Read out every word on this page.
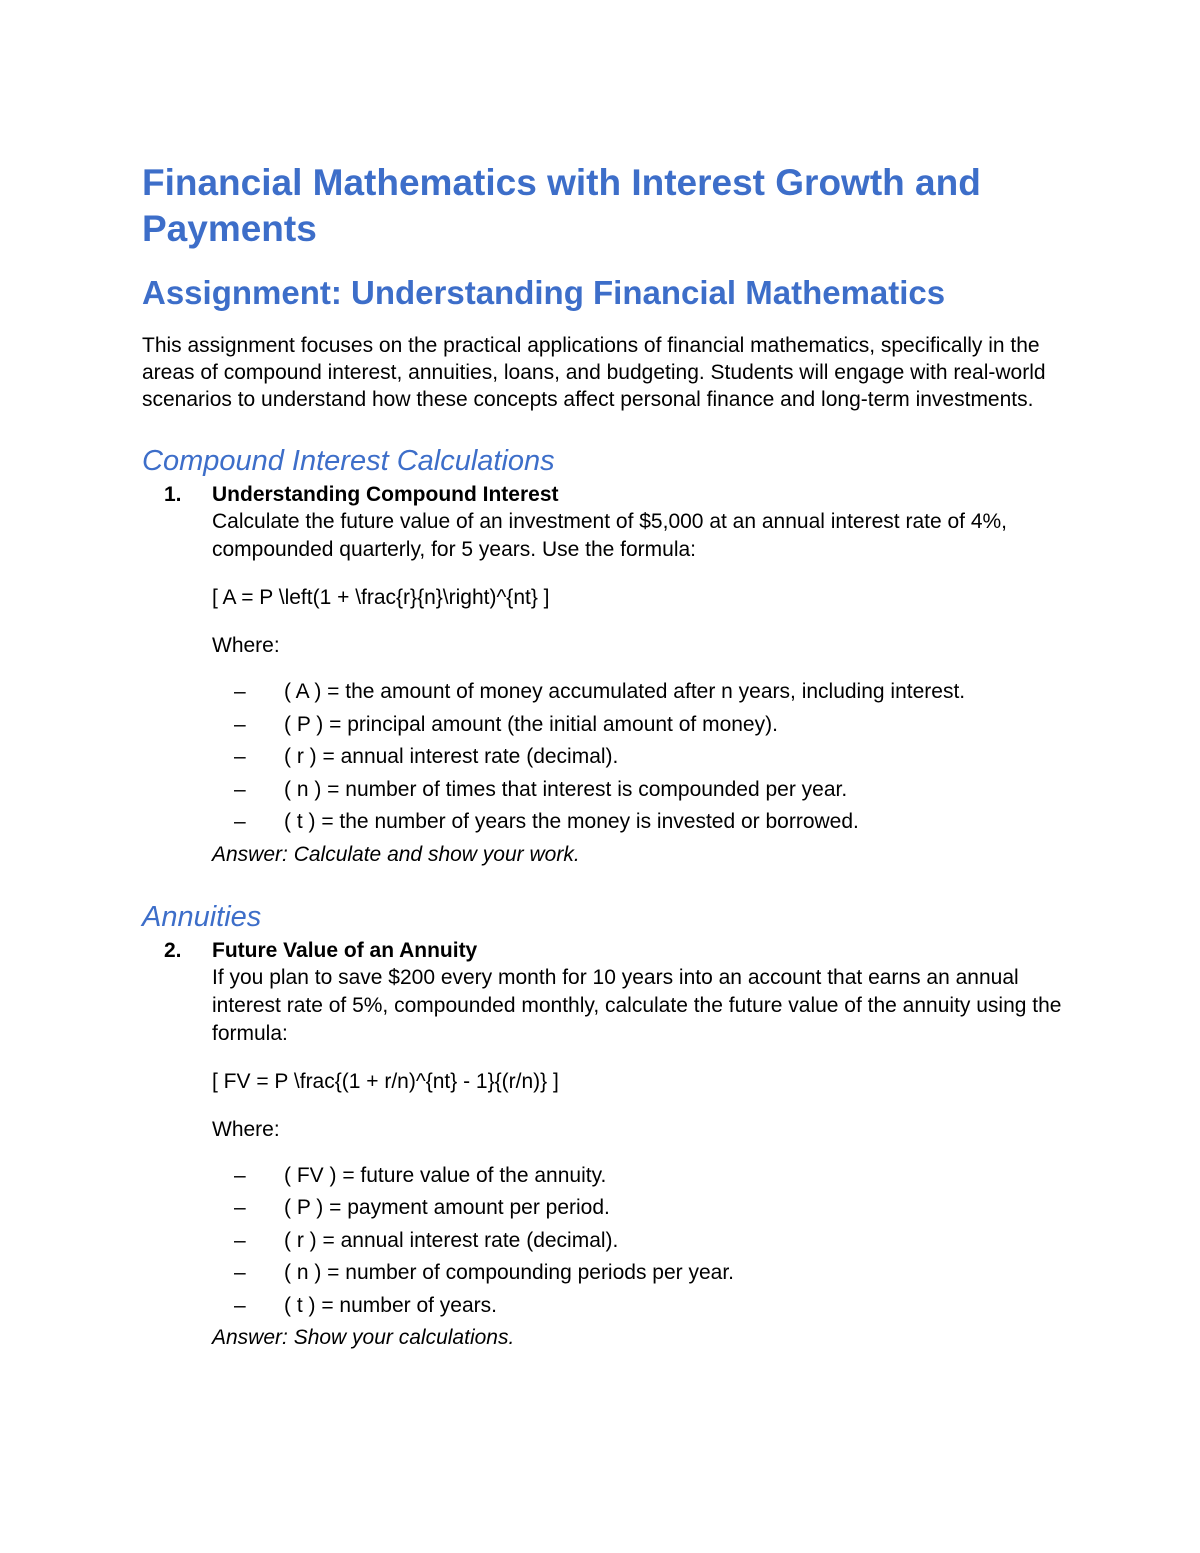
Financial Mathematics with Interest Growth and Payments
Assignment: Understanding Financial Mathematics

This assignment focuses on the practical applications of financial mathematics, specifically in the areas of compound interest, annuities, loans, and budgeting. Students will engage with real-world scenarios to understand how these concepts affect personal finance and long-term investments.

Compound Interest Calculations
1. Understanding Compound Interest
Calculate the future value of an investment of $5,000 at an annual interest rate of 4%, compounded quarterly, for 5 years. Use the formula:
[ A = P \left(1 + \frac{r}{n}\right)^{nt} ]
Where:
– ( A ) = the amount of money accumulated after n years, including interest.
– ( P ) = principal amount (the initial amount of money).
– ( r ) = annual interest rate (decimal).
– ( n ) = number of times that interest is compounded per year.
– ( t ) = the number of years the money is invested or borrowed.
Answer: Calculate and show your work.
Annuities
2. Future Value of an Annuity
If you plan to save $200 every month for 10 years into an account that earns an annual interest rate of 5%, compounded monthly, calculate the future value of the annuity using the formula:
[ FV = P \frac{(1 + r/n)^{nt} - 1}{(r/n)} ]
Where:
– ( FV ) = future value of the annuity.
– ( P ) = payment amount per period.
– ( r ) = annual interest rate (decimal).
– ( n ) = number of compounding periods per year.
– ( t ) = number of years.
Answer: Show your calculations.
